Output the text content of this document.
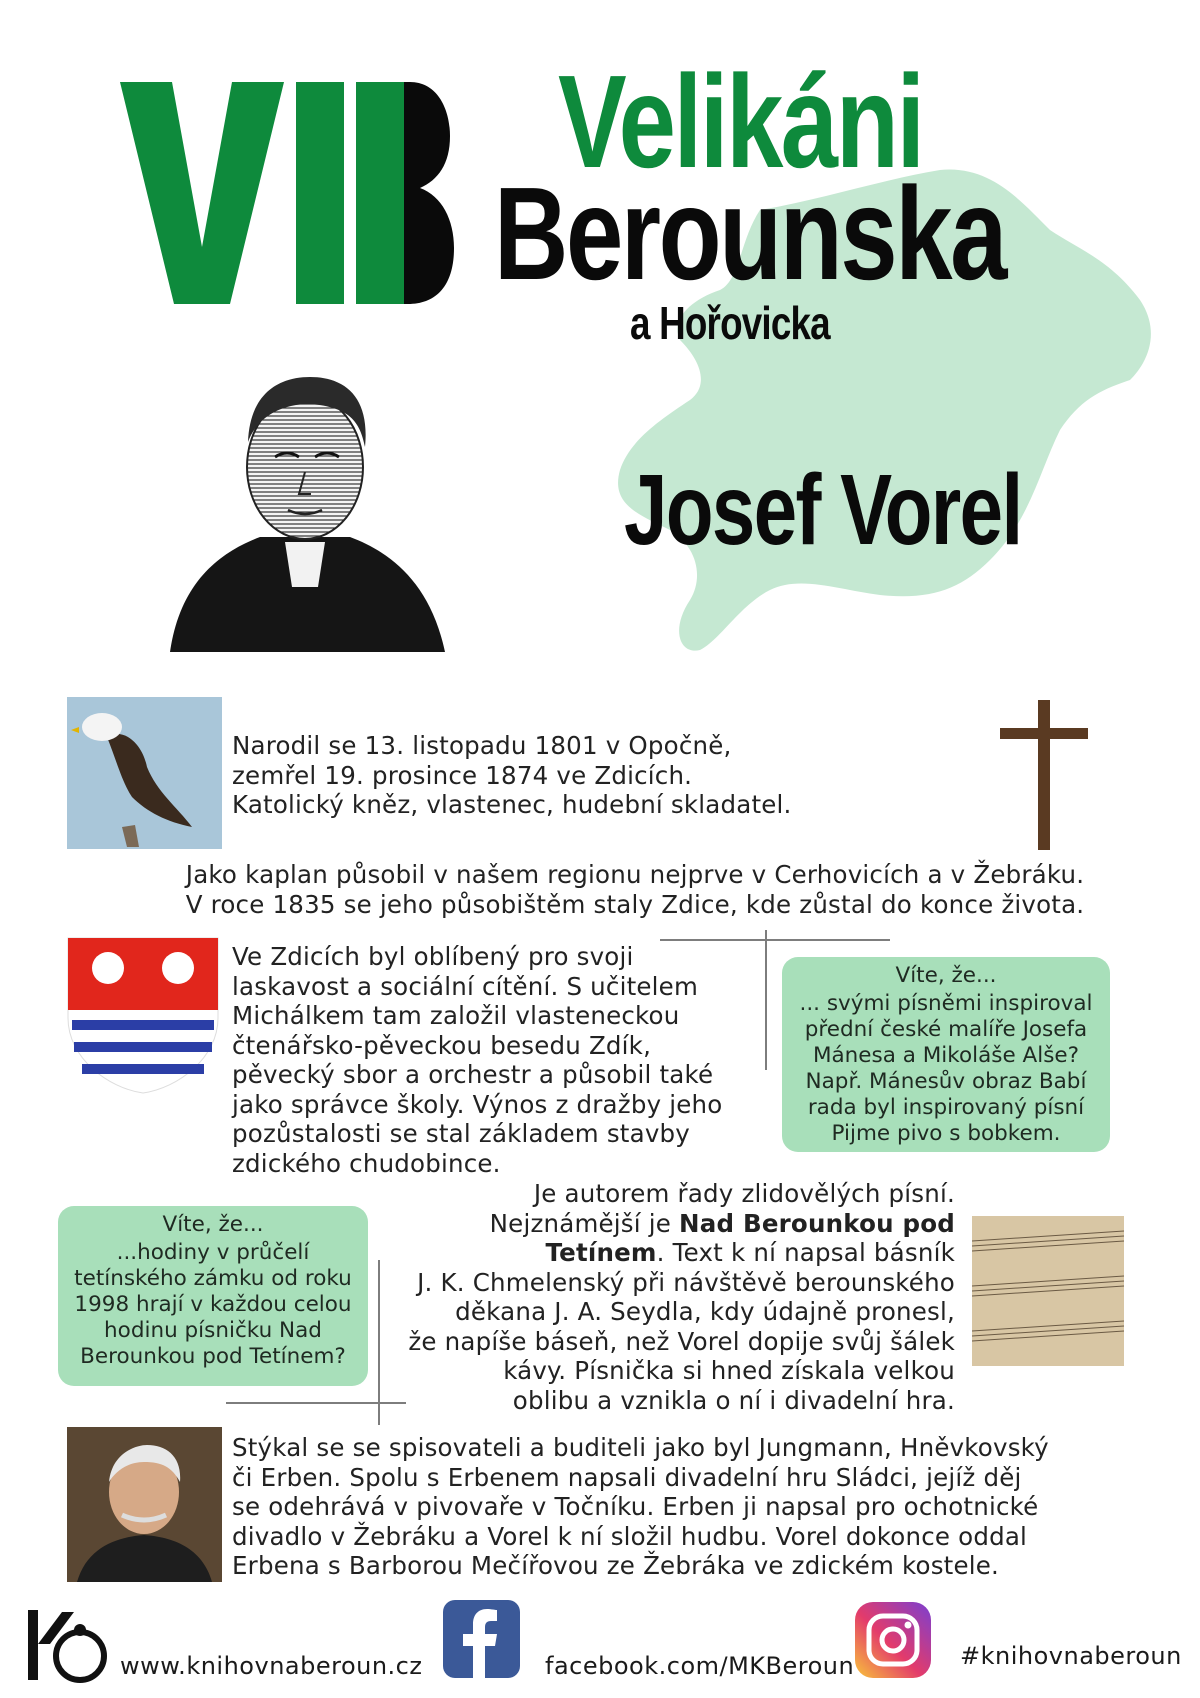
VIB	Velikáni
Berounska
a Hořovicka
Josef Vorel
Narodil se 13. listopadu 1801 v Opočně,
zemřel 19. prosince 1874 ve Zdicích.
Katolický kněz, vlastenec, hudební skladatel.
Jako kaplan působil v našem regionu nejprve v Cerhovicích a v Žebráku.
V roce 1835 se jeho působištěm staly Zdice, kde zůstal do konce života.
Ve Zdicích byl oblíbený pro svoji
laskavost a sociální cítění. S učitelem
Michálkem tam založil vlasteneckou
čtenářsko-pěveckou besedu Zdík,
pěvecký sbor a orchestr a působil také
jako správce školy. Výnos z dražby jeho
pozůstalosti se stal základem stavby
zdického chudobince.
Víte, že...
... svými písněmi inspiroval
přední české malíře Josefa
Mánesa a Mikoláše Alše?
Např. Mánesův obraz Babí
rada byl inspirovaný písní
Pijme pivo s bobkem.
Je autorem řady zlidovělých písní.
Nejznámější je Nad Berounkou pod
Tetínem. Text k ní napsal básník
J. K. Chmelenský při návštěvě berounského
děkana J. A. Seydla, kdy údajně pronesl,
že napíše báseň, než Vorel dopije svůj šálek
kávy. Písnička si hned získala velkou
oblibu a vznikla o ní i divadelní hra.
Víte, že...
...hodiny v průčelí
tetínského zámku od roku
1998 hrají v každou celou
hodinu písničku Nad
Berounkou pod Tetínem?
Stýkal se se spisovateli a buditeli jako byl Jungmann, Hněvkovský
či Erben. Spolu s Erbenem napsali divadelní hru Sládci, jejíž děj
se odehrává v pivovaře v Točníku. Erben ji napsal pro ochotnické
divadlo v Žebráku a Vorel k ní složil hudbu. Vorel dokonce oddal
Erbena s Barborou Mečířovou ze Žebráka ve zdickém kostele.
www.knihovnaberoun.cz	facebook.com/MKBeroun	#knihovnaberoun
